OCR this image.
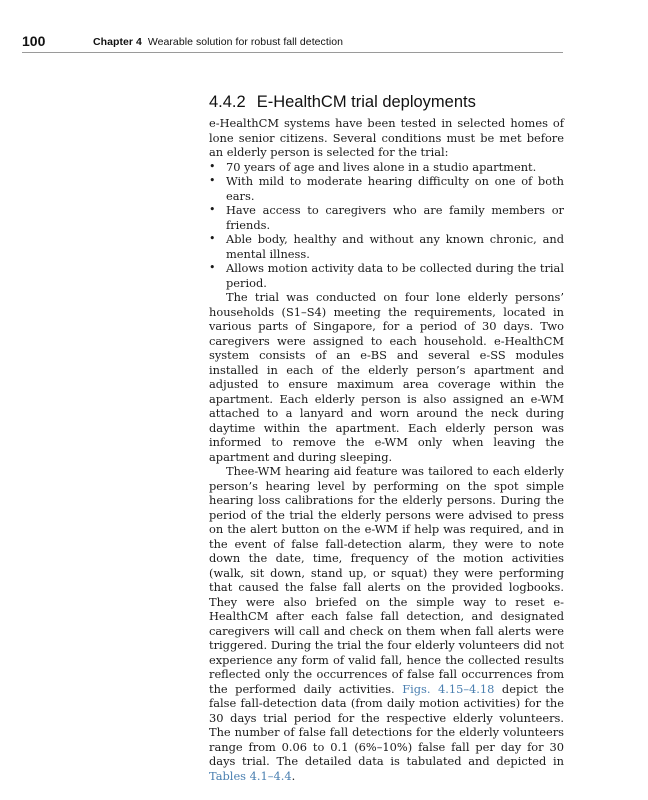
100	Chapter 4 Wearable solution for robust fall detection
4.4.2 E-HealthCM trial deployments

e-HealthCM systems have been tested in selected homes of lone senior citizens. Several conditions must be met before an elderly person is selected for the trial:

• 70 years of age and lives alone in a studio apartment.
• With mild to moderate hearing difficulty on one of both ears.
• Have access to caregivers who are family members or friends.
• Able body, healthy and without any known chronic, and mental illness.
• Allows motion activity data to be collected during the trial period.

The trial was conducted on four lone elderly persons’ households (S1–S4) meeting the requirements, located in various parts of Singapore, for a period of 30 days. Two caregivers were assigned to each household. e-HealthCM system consists of an e-BS and several e-SS modules installed in each of the elderly person’s apartment and adjusted to ensure maximum area coverage within the apartment. Each elderly person is also assigned an e-WM attached to a lanyard and worn around the neck during daytime within the apartment. Each elderly person was informed to remove the e-WM only when leaving the apartment and during sleeping.

Thee-WM hearing aid feature was tailored to each elderly person’s hearing level by performing on the spot simple hearing loss calibrations for the elderly persons. During the period of the trial the elderly persons were advised to press on the alert button on the e-WM if help was required, and in the event of false fall-detection alarm, they were to note down the date, time, frequency of the motion activities (walk, sit down, stand up, or squat) they were performing that caused the false fall alerts on the provided logbooks. They were also briefed on the simple way to reset e-HealthCM after each false fall detection, and designated caregivers will call and check on them when fall alerts were triggered. During the trial the four elderly volunteers did not experience any form of valid fall, hence the collected results reflected only the occurrences of false fall occurrences from the performed daily activities. Figs. 4.15–4.18 depict the false fall-detection data (from daily motion activities) for the 30 days trial period for the respective elderly volunteers. The number of false fall detections for the elderly volunteers range from 0.06 to 0.1 (6%–10%) false fall per day for 30 days trial. The detailed data is tabulated and depicted in Tables 4.1–4.4.
